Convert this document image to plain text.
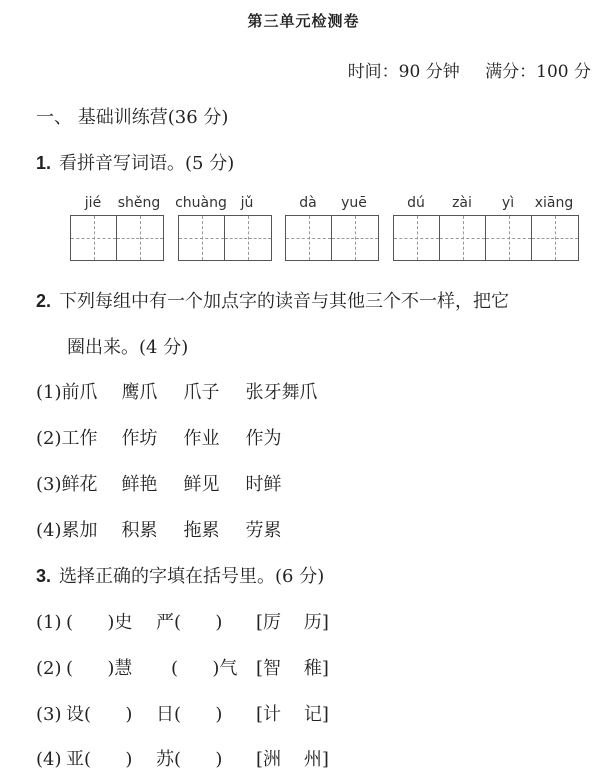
第三单元检测卷
时间：90 分钟 满分：100 分
一、 基础训练营(36 分)
1. 看拼音写词语。(5 分)
jié shěng chuàng jǔ	dà yuē	dú zài yì xiāng
2. 下列每组中有一个加点字的读音与其他三个不一样，把它
圈出来。(4 分)
(1)前爪 鹰爪 爪子 张牙舞爪
(2)工作 作坊 作业 作为
(3)鲜花 鲜艳 鲜见 时鲜
(4)累加 积累 拖累 劳累
3. 选择正确的字填在括号里。(6 分)
(1) (      )史 严(      ) [厉    历]
(2) (      )慧 (      )气 [智    稚]
(3) 设(      ) 日(      ) [计    记]
(4) 亚(      ) 苏(      ) [洲    州]
